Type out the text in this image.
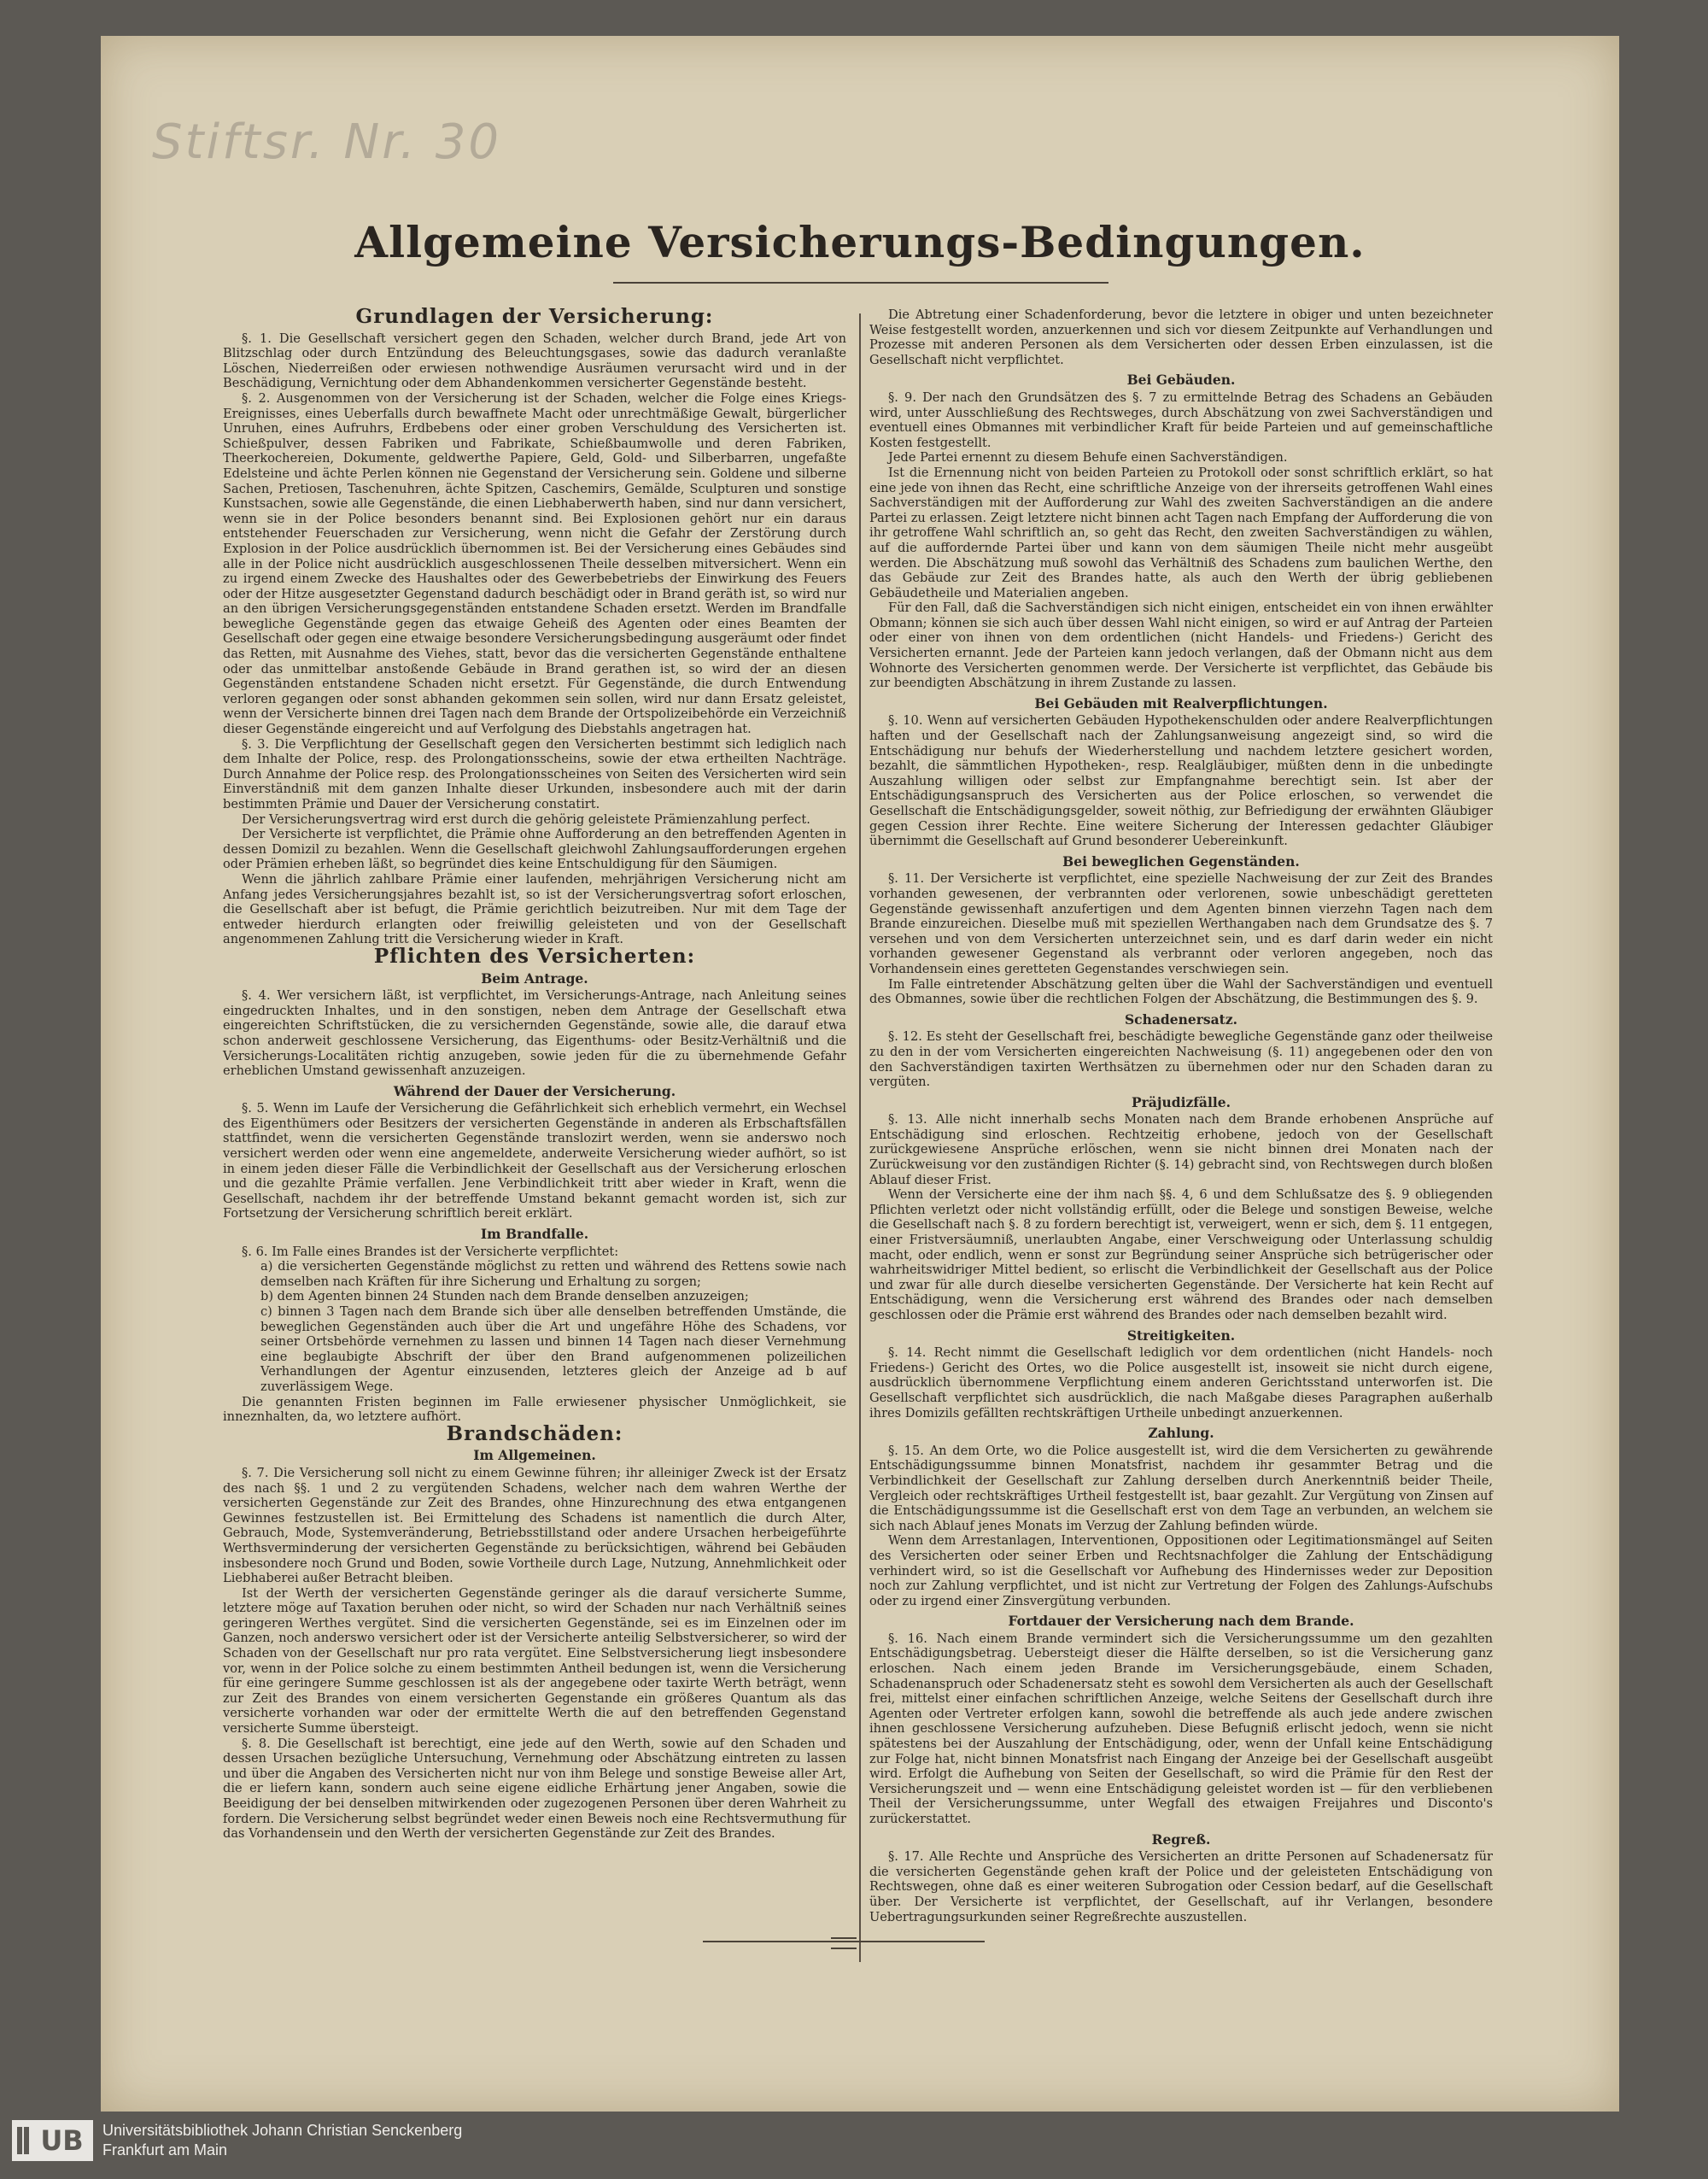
Stiftsr. Nr. 30
Allgemeine Versicherungs-Bedingungen.
Grundlagen der Versicherung:

§. 1. Die Gesellschaft versichert gegen den Schaden, welcher durch Brand, jede Art von Blitzschlag oder durch Entzündung des Beleuchtungsgases, sowie das dadurch veranlaßte Löschen, Niederreißen oder erwiesen nothwendige Ausräumen verursacht wird und in der Beschädigung, Vernichtung oder dem Abhandenkommen versicherter Gegenstände besteht.

§. 2. Ausgenommen von der Versicherung ist der Schaden, welcher die Folge eines Kriegs-Ereignisses, eines Ueberfalls durch bewaffnete Macht oder unrechtmäßige Gewalt, bürgerlicher Unruhen, eines Aufruhrs, Erdbebens oder einer groben Verschuldung des Versicherten ist. Schießpulver, dessen Fabriken und Fabrikate, Schießbaumwolle und deren Fabriken, Theerkochereien, Dokumente, geldwerthe Papiere, Geld, Gold- und Silberbarren, ungefaßte Edelsteine und ächte Perlen können nie Gegenstand der Versicherung sein. Goldene und silberne Sachen, Pretiosen, Taschenuhren, ächte Spitzen, Caschemirs, Gemälde, Sculpturen und sonstige Kunstsachen, sowie alle Gegenstände, die einen Liebhaberwerth haben, sind nur dann versichert, wenn sie in der Police besonders benannt sind. Bei Explosionen gehört nur ein daraus entstehender Feuerschaden zur Versicherung, wenn nicht die Gefahr der Zerstörung durch Explosion in der Police ausdrücklich übernommen ist. Bei der Versicherung eines Gebäudes sind alle in der Police nicht ausdrücklich ausgeschlossenen Theile desselben mitversichert. Wenn ein zu irgend einem Zwecke des Haushaltes oder des Gewerbebetriebs der Einwirkung des Feuers oder der Hitze ausgesetzter Gegenstand dadurch beschädigt oder in Brand geräth ist, so wird nur an den übrigen Versicherungsgegenständen entstandene Schaden ersetzt. Werden im Brandfalle bewegliche Gegenstände gegen das etwaige Geheiß des Agenten oder eines Beamten der Gesellschaft oder gegen eine etwaige besondere Versicherungsbedingung ausgeräumt oder findet das Retten, mit Ausnahme des Viehes, statt, bevor das die versicherten Gegenstände enthaltene oder das unmittelbar anstoßende Gebäude in Brand gerathen ist, so wird der an diesen Gegenständen entstandene Schaden nicht ersetzt. Für Gegenstände, die durch Entwendung verloren gegangen oder sonst abhanden gekommen sein sollen, wird nur dann Ersatz geleistet, wenn der Versicherte binnen drei Tagen nach dem Brande der Ortspolizeibehörde ein Verzeichniß dieser Gegenstände eingereicht und auf Verfolgung des Diebstahls angetragen hat.

§. 3. Die Verpflichtung der Gesellschaft gegen den Versicherten bestimmt sich lediglich nach dem Inhalte der Police, resp. des Prolongationsscheins, sowie der etwa ertheilten Nachträge. Durch Annahme der Police resp. des Prolongationsscheines von Seiten des Versicherten wird sein Einverständniß mit dem ganzen Inhalte dieser Urkunden, insbesondere auch mit der darin bestimmten Prämie und Dauer der Versicherung constatirt.

Der Versicherungsvertrag wird erst durch die gehörig geleistete Prämienzahlung perfect.

Der Versicherte ist verpflichtet, die Prämie ohne Aufforderung an den betreffenden Agenten in dessen Domizil zu bezahlen. Wenn die Gesellschaft gleichwohl Zahlungsaufforderungen ergehen oder Prämien erheben läßt, so begründet dies keine Entschuldigung für den Säumigen.

Wenn die jährlich zahlbare Prämie einer laufenden, mehrjährigen Versicherung nicht am Anfang jedes Versicherungsjahres bezahlt ist, so ist der Versicherungsvertrag sofort erloschen, die Gesellschaft aber ist befugt, die Prämie gerichtlich beizutreiben. Nur mit dem Tage der entweder hierdurch erlangten oder freiwillig geleisteten und von der Gesellschaft angenommenen Zahlung tritt die Versicherung wieder in Kraft.

Pflichten des Versicherten:
Beim Antrage.

§. 4. Wer versichern läßt, ist verpflichtet, im Versicherungs-Antrage, nach Anleitung seines eingedruckten Inhaltes, und in den sonstigen, neben dem Antrage der Gesellschaft etwa eingereichten Schriftstücken, die zu versichernden Gegenstände, sowie alle, die darauf etwa schon anderweit geschlossene Versicherung, das Eigenthums- oder Besitz-Verhältniß und die Versicherungs-Localitäten richtig anzugeben, sowie jeden für die zu übernehmende Gefahr erheblichen Umstand gewissenhaft anzuzeigen.

Während der Dauer der Versicherung.

§. 5. Wenn im Laufe der Versicherung die Gefährlichkeit sich erheblich vermehrt, ein Wechsel des Eigenthümers oder Besitzers der versicherten Gegenstände in anderen als Erbschaftsfällen stattfindet, wenn die versicherten Gegenstände translozirt werden, wenn sie anderswo noch versichert werden oder wenn eine angemeldete, anderweite Versicherung wieder aufhört, so ist in einem jeden dieser Fälle die Verbindlichkeit der Gesellschaft aus der Versicherung erloschen und die gezahlte Prämie verfallen. Jene Verbindlichkeit tritt aber wieder in Kraft, wenn die Gesellschaft, nachdem ihr der betreffende Umstand bekannt gemacht worden ist, sich zur Fortsetzung der Versicherung schriftlich bereit erklärt.

Im Brandfalle.

§. 6. Im Falle eines Brandes ist der Versicherte verpflichtet:

a) die versicherten Gegenstände möglichst zu retten und während des Rettens sowie nach demselben nach Kräften für ihre Sicherung und Erhaltung zu sorgen;
b) dem Agenten binnen 24 Stunden nach dem Brande denselben anzuzeigen;
c) binnen 3 Tagen nach dem Brande sich über alle denselben betreffenden Umstände, die beweglichen Gegenständen auch über die Art und ungefähre Höhe des Schadens, vor seiner Ortsbehörde vernehmen zu lassen und binnen 14 Tagen nach dieser Vernehmung eine beglaubigte Abschrift der über den Brand aufgenommenen polizeilichen Verhandlungen der Agentur einzusenden, letzteres gleich der Anzeige ad b auf zuverlässigem Wege.

Die genannten Fristen beginnen im Falle erwiesener physischer Unmöglichkeit, sie inneznhalten, da, wo letztere aufhört.

Brandschäden:
Im Allgemeinen.

§. 7. Die Versicherung soll nicht zu einem Gewinne führen; ihr alleiniger Zweck ist der Ersatz des nach §§. 1 und 2 zu vergütenden Schadens, welcher nach dem wahren Werthe der versicherten Gegenstände zur Zeit des Brandes, ohne Hinzurechnung des etwa entgangenen Gewinnes festzustellen ist. Bei Ermittelung des Schadens ist namentlich die durch Alter, Gebrauch, Mode, Systemveränderung, Betriebsstillstand oder andere Ursachen herbeigeführte Werthsverminderung der versicherten Gegenstände zu berücksichtigen, während bei Gebäuden insbesondere noch Grund und Boden, sowie Vortheile durch Lage, Nutzung, Annehmlichkeit oder Liebhaberei außer Betracht bleiben.

Ist der Werth der versicherten Gegenstände geringer als die darauf versicherte Summe, letztere möge auf Taxation beruhen oder nicht, so wird der Schaden nur nach Verhältniß seines geringeren Werthes vergütet. Sind die versicherten Gegenstände, sei es im Einzelnen oder im Ganzen, noch anderswo versichert oder ist der Versicherte anteilig Selbstversicherer, so wird der Schaden von der Gesellschaft nur pro rata vergütet. Eine Selbstversicherung liegt insbesondere vor, wenn in der Police solche zu einem bestimmten Antheil bedungen ist, wenn die Versicherung für eine geringere Summe geschlossen ist als der angegebene oder taxirte Werth beträgt, wenn zur Zeit des Brandes von einem versicherten Gegenstande ein größeres Quantum als das versicherte vorhanden war oder der ermittelte Werth die auf den betreffenden Gegenstand versicherte Summe übersteigt.

§. 8. Die Gesellschaft ist berechtigt, eine jede auf den Werth, sowie auf den Schaden und dessen Ursachen bezügliche Untersuchung, Vernehmung oder Abschätzung eintreten zu lassen und über die Angaben des Versicherten nicht nur von ihm Belege und sonstige Beweise aller Art, die er liefern kann, sondern auch seine eigene eidliche Erhärtung jener Angaben, sowie die Beeidigung der bei denselben mitwirkenden oder zugezogenen Personen über deren Wahrheit zu fordern. Die Versicherung selbst begründet weder einen Beweis noch eine Rechtsvermuthung für das Vorhandensein und den Werth der versicherten Gegenstände zur Zeit des Brandes.

Die Abtretung einer Schadenforderung, bevor die letztere in obiger und unten bezeichneter Weise festgestellt worden, anzuerkennen und sich vor diesem Zeitpunkte auf Verhandlungen und Prozesse mit anderen Personen als dem Versicherten oder dessen Erben einzulassen, ist die Gesellschaft nicht verpflichtet.

Bei Gebäuden.

§. 9. Der nach den Grundsätzen des §. 7 zu ermittelnde Betrag des Schadens an Gebäuden wird, unter Ausschließung des Rechtsweges, durch Abschätzung von zwei Sachverständigen und eventuell eines Obmannes mit verbindlicher Kraft für beide Parteien und auf gemeinschaftliche Kosten festgestellt.

Jede Partei ernennt zu diesem Behufe einen Sachverständigen.

Ist die Ernennung nicht von beiden Parteien zu Protokoll oder sonst schriftlich erklärt, so hat eine jede von ihnen das Recht, eine schriftliche Anzeige von der ihrerseits getroffenen Wahl eines Sachverständigen mit der Aufforderung zur Wahl des zweiten Sachverständigen an die andere Partei zu erlassen. Zeigt letztere nicht binnen acht Tagen nach Empfang der Aufforderung die von ihr getroffene Wahl schriftlich an, so geht das Recht, den zweiten Sachverständigen zu wählen, auf die auffordernde Partei über und kann von dem säumigen Theile nicht mehr ausgeübt werden. Die Abschätzung muß sowohl das Verhältniß des Schadens zum baulichen Werthe, den das Gebäude zur Zeit des Brandes hatte, als auch den Werth der übrig gebliebenen Gebäudetheile und Materialien angeben.

Für den Fall, daß die Sachverständigen sich nicht einigen, entscheidet ein von ihnen erwählter Obmann; können sie sich auch über dessen Wahl nicht einigen, so wird er auf Antrag der Parteien oder einer von ihnen von dem ordentlichen (nicht Handels- und Friedens-) Gericht des Versicherten ernannt. Jede der Parteien kann jedoch verlangen, daß der Obmann nicht aus dem Wohnorte des Versicherten genommen werde. Der Versicherte ist verpflichtet, das Gebäude bis zur beendigten Abschätzung in ihrem Zustande zu lassen.

Bei Gebäuden mit Realverpflichtungen.

§. 10. Wenn auf versicherten Gebäuden Hypothekenschulden oder andere Realverpflichtungen haften und der Gesellschaft nach der Zahlungsanweisung angezeigt sind, so wird die Entschädigung nur behufs der Wiederherstellung und nachdem letztere gesichert worden, bezahlt, die sämmtlichen Hypotheken-, resp. Realgläubiger, müßten denn in die unbedingte Auszahlung willigen oder selbst zur Empfangnahme berechtigt sein. Ist aber der Entschädigungsanspruch des Versicherten aus der Police erloschen, so verwendet die Gesellschaft die Entschädigungsgelder, soweit nöthig, zur Befriedigung der erwähnten Gläubiger gegen Cession ihrer Rechte. Eine weitere Sicherung der Interessen gedachter Gläubiger übernimmt die Gesellschaft auf Grund besonderer Uebereinkunft.

Bei beweglichen Gegenständen.

§. 11. Der Versicherte ist verpflichtet, eine spezielle Nachweisung der zur Zeit des Brandes vorhanden gewesenen, der verbrannten oder verlorenen, sowie unbeschädigt geretteten Gegenstände gewissenhaft anzufertigen und dem Agenten binnen vierzehn Tagen nach dem Brande einzureichen. Dieselbe muß mit speziellen Werthangaben nach dem Grundsatze des §. 7 versehen und von dem Versicherten unterzeichnet sein, und es darf darin weder ein nicht vorhanden gewesener Gegenstand als verbrannt oder verloren angegeben, noch das Vorhandensein eines geretteten Gegenstandes verschwiegen sein.

Im Falle eintretender Abschätzung gelten über die Wahl der Sachverständigen und eventuell des Obmannes, sowie über die rechtlichen Folgen der Abschätzung, die Bestimmungen des §. 9.

Schadenersatz.

§. 12. Es steht der Gesellschaft frei, beschädigte bewegliche Gegenstände ganz oder theilweise zu den in der vom Versicherten eingereichten Nachweisung (§. 11) angegebenen oder den von den Sachverständigen taxirten Werthsätzen zu übernehmen oder nur den Schaden daran zu vergüten.

Präjudizfälle.

§. 13. Alle nicht innerhalb sechs Monaten nach dem Brande erhobenen Ansprüche auf Entschädigung sind erloschen. Rechtzeitig erhobene, jedoch von der Gesellschaft zurückgewiesene Ansprüche erlöschen, wenn sie nicht binnen drei Monaten nach der Zurückweisung vor den zuständigen Richter (§. 14) gebracht sind, von Rechtswegen durch bloßen Ablauf dieser Frist.

Wenn der Versicherte eine der ihm nach §§. 4, 6 und dem Schlußsatze des §. 9 obliegenden Pflichten verletzt oder nicht vollständig erfüllt, oder die Belege und sonstigen Beweise, welche die Gesellschaft nach §. 8 zu fordern berechtigt ist, verweigert, wenn er sich, dem §. 11 entgegen, einer Fristversäumniß, unerlaubten Angabe, einer Verschweigung oder Unterlassung schuldig macht, oder endlich, wenn er sonst zur Begründung seiner Ansprüche sich betrügerischer oder wahrheitswidriger Mittel bedient, so erlischt die Verbindlichkeit der Gesellschaft aus der Police und zwar für alle durch dieselbe versicherten Gegenstände. Der Versicherte hat kein Recht auf Entschädigung, wenn die Versicherung erst während des Brandes oder nach demselben geschlossen oder die Prämie erst während des Brandes oder nach demselben bezahlt wird.

Streitigkeiten.

§. 14. Recht nimmt die Gesellschaft lediglich vor dem ordentlichen (nicht Handels- noch Friedens-) Gericht des Ortes, wo die Police ausgestellt ist, insoweit sie nicht durch eigene, ausdrücklich übernommene Verpflichtung einem anderen Gerichtsstand unterworfen ist. Die Gesellschaft verpflichtet sich ausdrücklich, die nach Maßgabe dieses Paragraphen außerhalb ihres Domizils gefällten rechtskräftigen Urtheile unbedingt anzuerkennen.

Zahlung.

§. 15. An dem Orte, wo die Police ausgestellt ist, wird die dem Versicherten zu gewährende Entschädigungssumme binnen Monatsfrist, nachdem ihr gesammter Betrag und die Verbindlichkeit der Gesellschaft zur Zahlung derselben durch Anerkenntniß beider Theile, Vergleich oder rechtskräftiges Urtheil festgestellt ist, baar gezahlt. Zur Vergütung von Zinsen auf die Entschädigungssumme ist die Gesellschaft erst von dem Tage an verbunden, an welchem sie sich nach Ablauf jenes Monats im Verzug der Zahlung befinden würde.

Wenn dem Arrestanlagen, Interventionen, Oppositionen oder Legitimationsmängel auf Seiten des Versicherten oder seiner Erben und Rechtsnachfolger die Zahlung der Entschädigung verhindert wird, so ist die Gesellschaft vor Aufhebung des Hindernisses weder zur Deposition noch zur Zahlung verpflichtet, und ist nicht zur Vertretung der Folgen des Zahlungs-Aufschubs oder zu irgend einer Zinsvergütung verbunden.

Fortdauer der Versicherung nach dem Brande.

§. 16. Nach einem Brande vermindert sich die Versicherungssumme um den gezahlten Entschädigungsbetrag. Uebersteigt dieser die Hälfte derselben, so ist die Versicherung ganz erloschen. Nach einem jeden Brande im Versicherungsgebäude, einem Schaden, Schadenanspruch oder Schadenersatz steht es sowohl dem Versicherten als auch der Gesellschaft frei, mittelst einer einfachen schriftlichen Anzeige, welche Seitens der Gesellschaft durch ihre Agenten oder Vertreter erfolgen kann, sowohl die betreffende als auch jede andere zwischen ihnen geschlossene Versicherung aufzuheben. Diese Befugniß erlischt jedoch, wenn sie nicht spätestens bei der Auszahlung der Entschädigung, oder, wenn der Unfall keine Entschädigung zur Folge hat, nicht binnen Monatsfrist nach Eingang der Anzeige bei der Gesellschaft ausgeübt wird. Erfolgt die Aufhebung von Seiten der Gesellschaft, so wird die Prämie für den Rest der Versicherungszeit und — wenn eine Entschädigung geleistet worden ist — für den verbliebenen Theil der Versicherungssumme, unter Wegfall des etwaigen Freijahres und Disconto's zurückerstattet.

Regreß.

§. 17. Alle Rechte und Ansprüche des Versicherten an dritte Personen auf Schadenersatz für die versicherten Gegenstände gehen kraft der Police und der geleisteten Entschädigung von Rechtswegen, ohne daß es einer weiteren Subrogation oder Cession bedarf, auf die Gesellschaft über. Der Versicherte ist verpflichtet, der Gesellschaft, auf ihr Verlangen, besondere Uebertragungsurkunden seiner Regreßrechte auszustellen.

UB Universitätsbibliothek Johann Christian Senckenberg
Frankfurt am Main
